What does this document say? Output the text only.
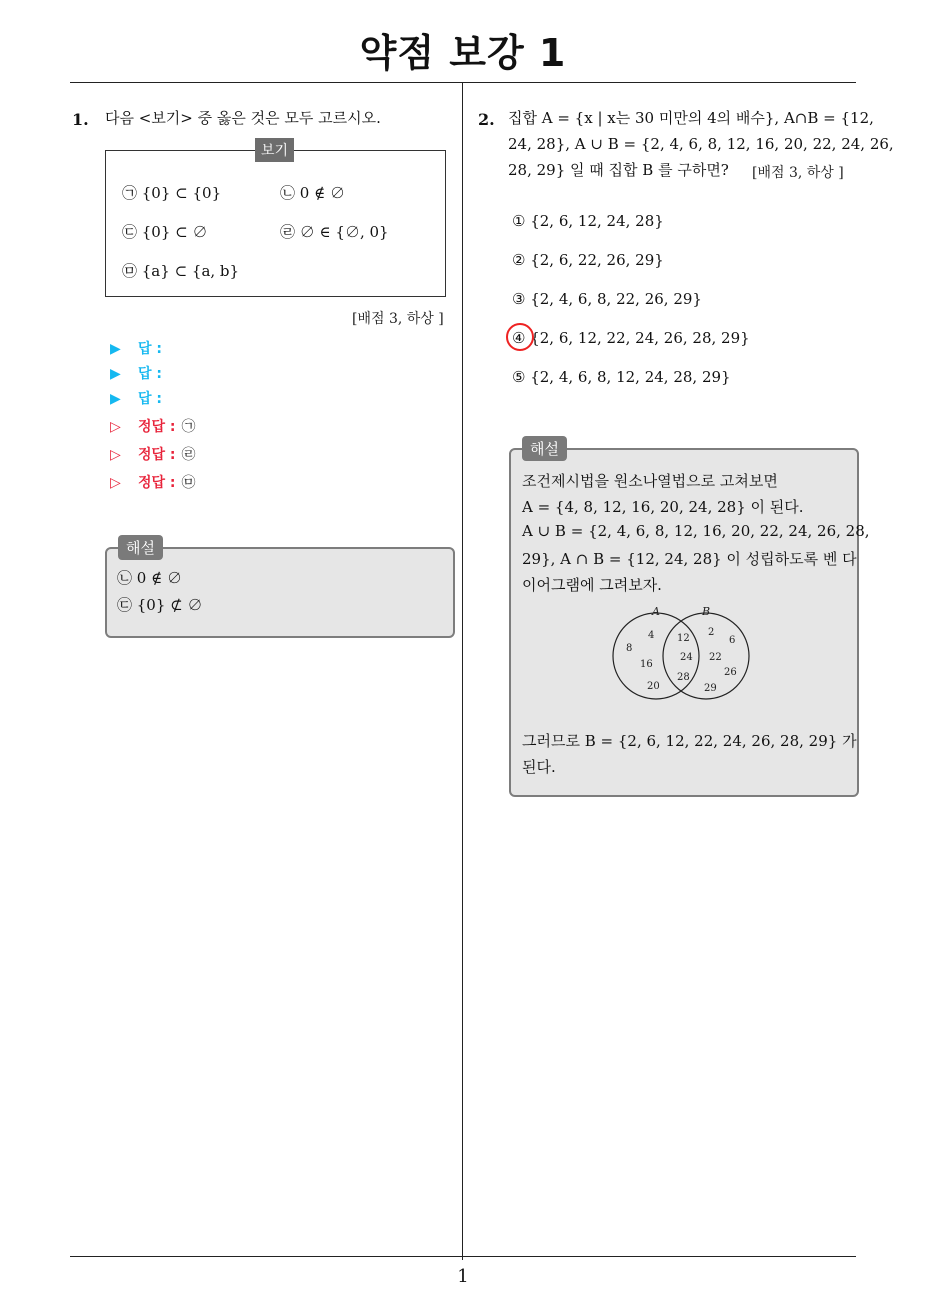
약점 보강 1
1
1. 다음 <보기> 중 옳은 것은 모두 고르시오.
보기
㉠ {0} ⊂ {0}	㉡ 0 ∉ ∅
㉢ {0} ⊂ ∅	㉣ ∅ ∈ {∅, 0}
㉤ {a} ⊂ {a, b}
[배점 3, 하상 ]
▶ 답 :
▶ 답 :
▶ 답 :
▷ 정답 : ㉠
▷ 정답 : ㉣
▷ 정답 : ㉤
해설
㉡ 0 ∉ ∅
㉢ {0} ⊄ ∅
2. 집합 A = {x | x는 30 미만의 4의 배수}, A∩B = {12,
24, 28}, A ∪ B = {2, 4, 6, 8, 12, 16, 20, 22, 24, 26,
28, 29} 일 때 집합 B 를 구하면? [배점 3, 하상 ]
① {2, 6, 12, 24, 28}
② {2, 6, 22, 26, 29}
③ {2, 4, 6, 8, 22, 26, 29}
④ {2, 6, 12, 22, 24, 26, 28, 29}
⑤ {2, 4, 6, 8, 12, 24, 28, 29}
해설
조건제시법을 원소나열법으로 고쳐보면
A = {4, 8, 12, 16, 20, 24, 28} 이 된다.
A ∪ B = {2, 4, 6, 8, 12, 16, 20, 22, 24, 26, 28,
29}, A ∩ B = {12, 24, 28} 이 성립하도록 벤 다
이어그램에 그려보자.
A	B
4
8
16
20
12
24
28
2
6
22
26
29
그러므로 B = {2, 6, 12, 22, 24, 26, 28, 29} 가
된다.
